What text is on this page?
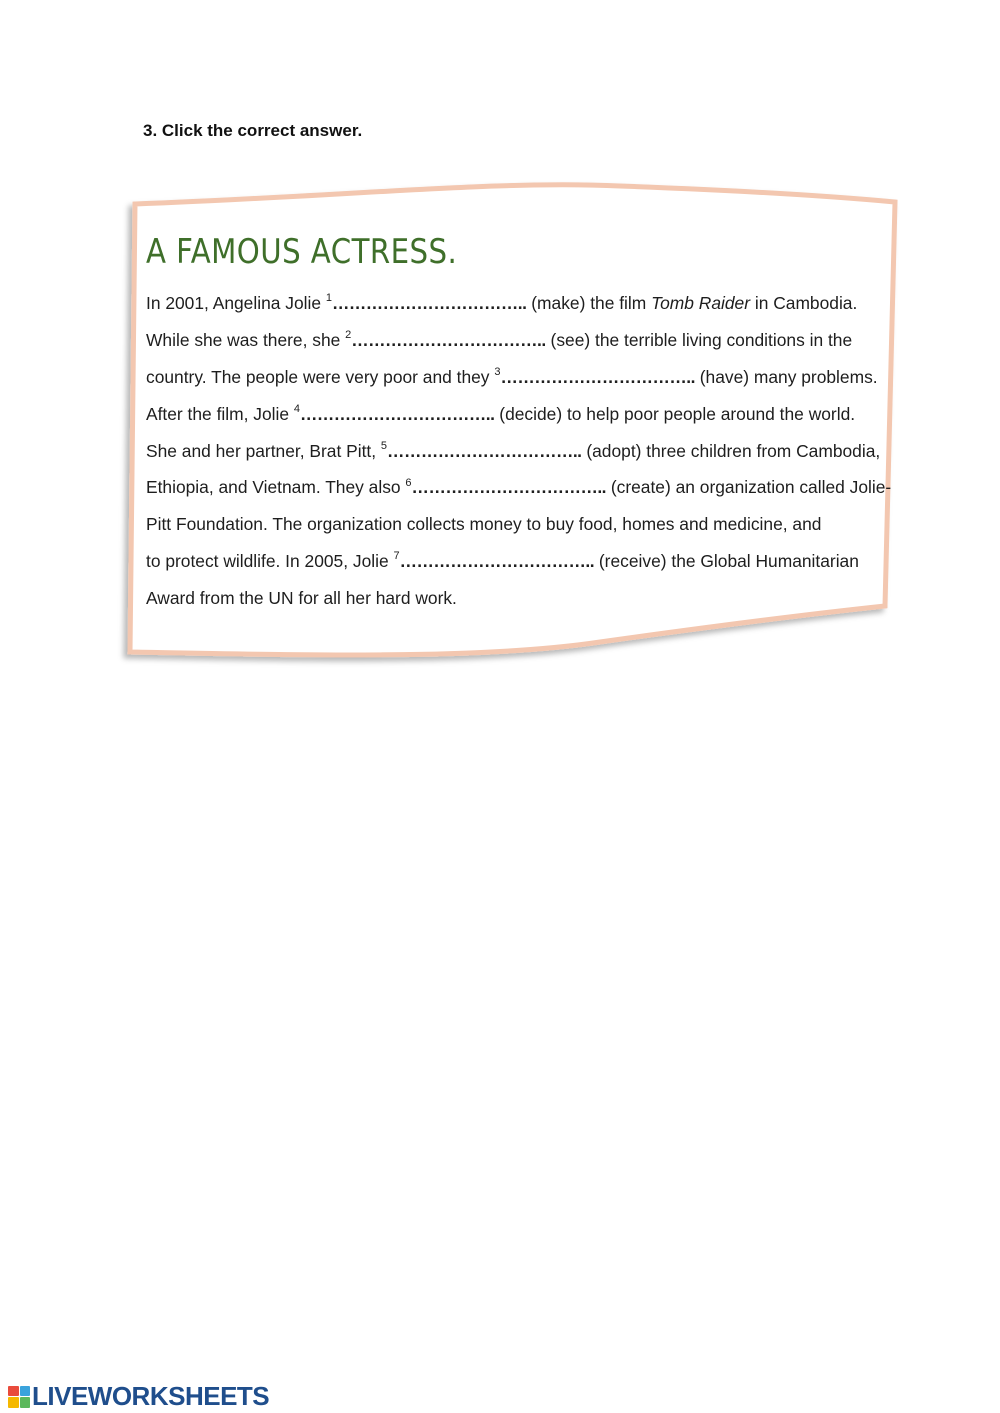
3. Click the correct answer.
A FAMOUS ACTRESS.
In 2001, Angelina Jolie $^1$…………………………….. (make) the film Tomb Raider in Cambodia.
While she was there, she $^2$…………………………….. (see) the terrible living conditions in the
country. The people were very poor and they $^3$…………………………….. (have) many problems.
After the film, Jolie $^4$…………………………….. (decide) to help poor people around the world.
She and her partner, Brat Pitt, $^5$…………………………….. (adopt) three children from Cambodia,
Ethiopia, and Vietnam. They also $^6$…………………………….. (create) an organization called Jolie-
Pitt Foundation. The organization collects money to buy food, homes and medicine, and
to protect wildlife. In 2005, Jolie $^7$…………………………….. (receive) the Global Humanitarian
Award from the UN for all her hard work.
LIVEWORKSHEETS
